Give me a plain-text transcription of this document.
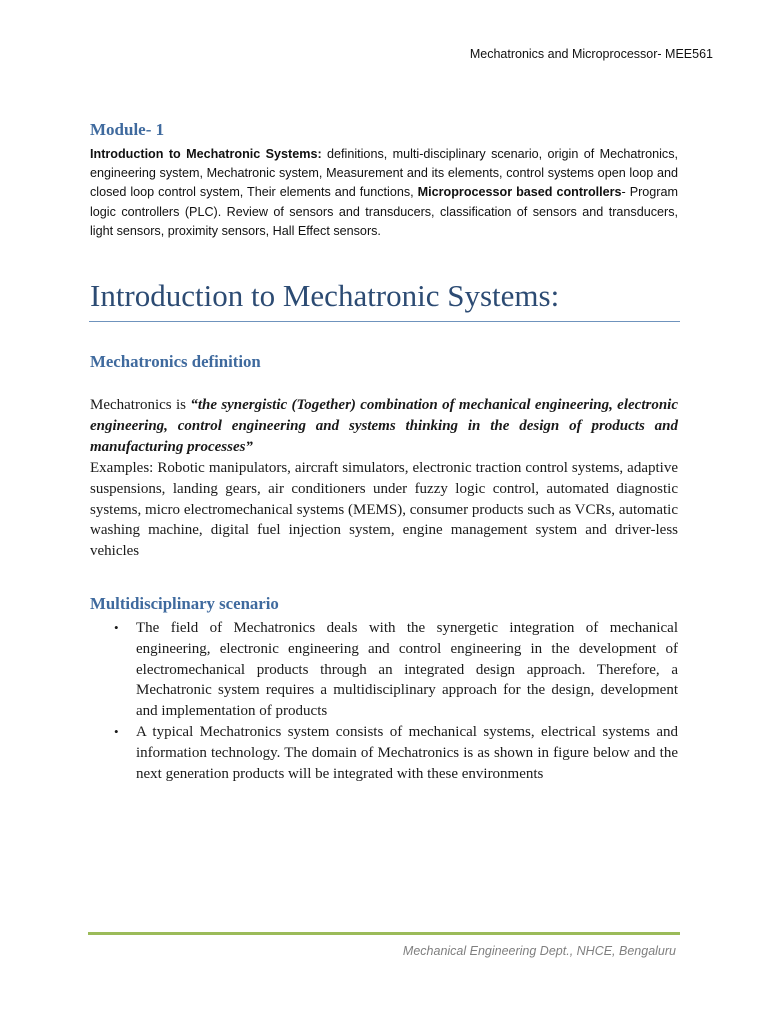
Mechatronics and Microprocessor- MEE561
Module- 1
Introduction to Mechatronic Systems: definitions, multi-disciplinary scenario, origin of Mechatronics, engineering system, Mechatronic system, Measurement and its elements, control systems open loop and closed loop control system, Their elements and functions, Microprocessor based controllers- Program logic controllers (PLC). Review of sensors and transducers, classification of sensors and transducers, light sensors, proximity sensors, Hall Effect sensors.
Introduction to Mechatronic Systems:
Mechatronics definition
Mechatronics is “the synergistic (Together) combination of mechanical engineering, electronic engineering, control engineering and systems thinking in the design of products and manufacturing processes”
Examples: Robotic manipulators, aircraft simulators, electronic traction control systems, adaptive suspensions, landing gears, air conditioners under fuzzy logic control, automated diagnostic systems, micro electromechanical systems (MEMS), consumer products such as VCRs, automatic washing machine, digital fuel injection system, engine management system and driver-less vehicles
Multidisciplinary scenario
• The field of Mechatronics deals with the synergetic integration of mechanical engineering, electronic engineering and control engineering in the development of electromechanical products through an integrated design approach. Therefore, a Mechatronic system requires a multidisciplinary approach for the design, development and implementation of products
• A typical Mechatronics system consists of mechanical systems, electrical systems and information technology. The domain of Mechatronics is as shown in figure below and the next generation products will be integrated with these environments
Mechanical Engineering Dept., NHCE, Bengaluru
